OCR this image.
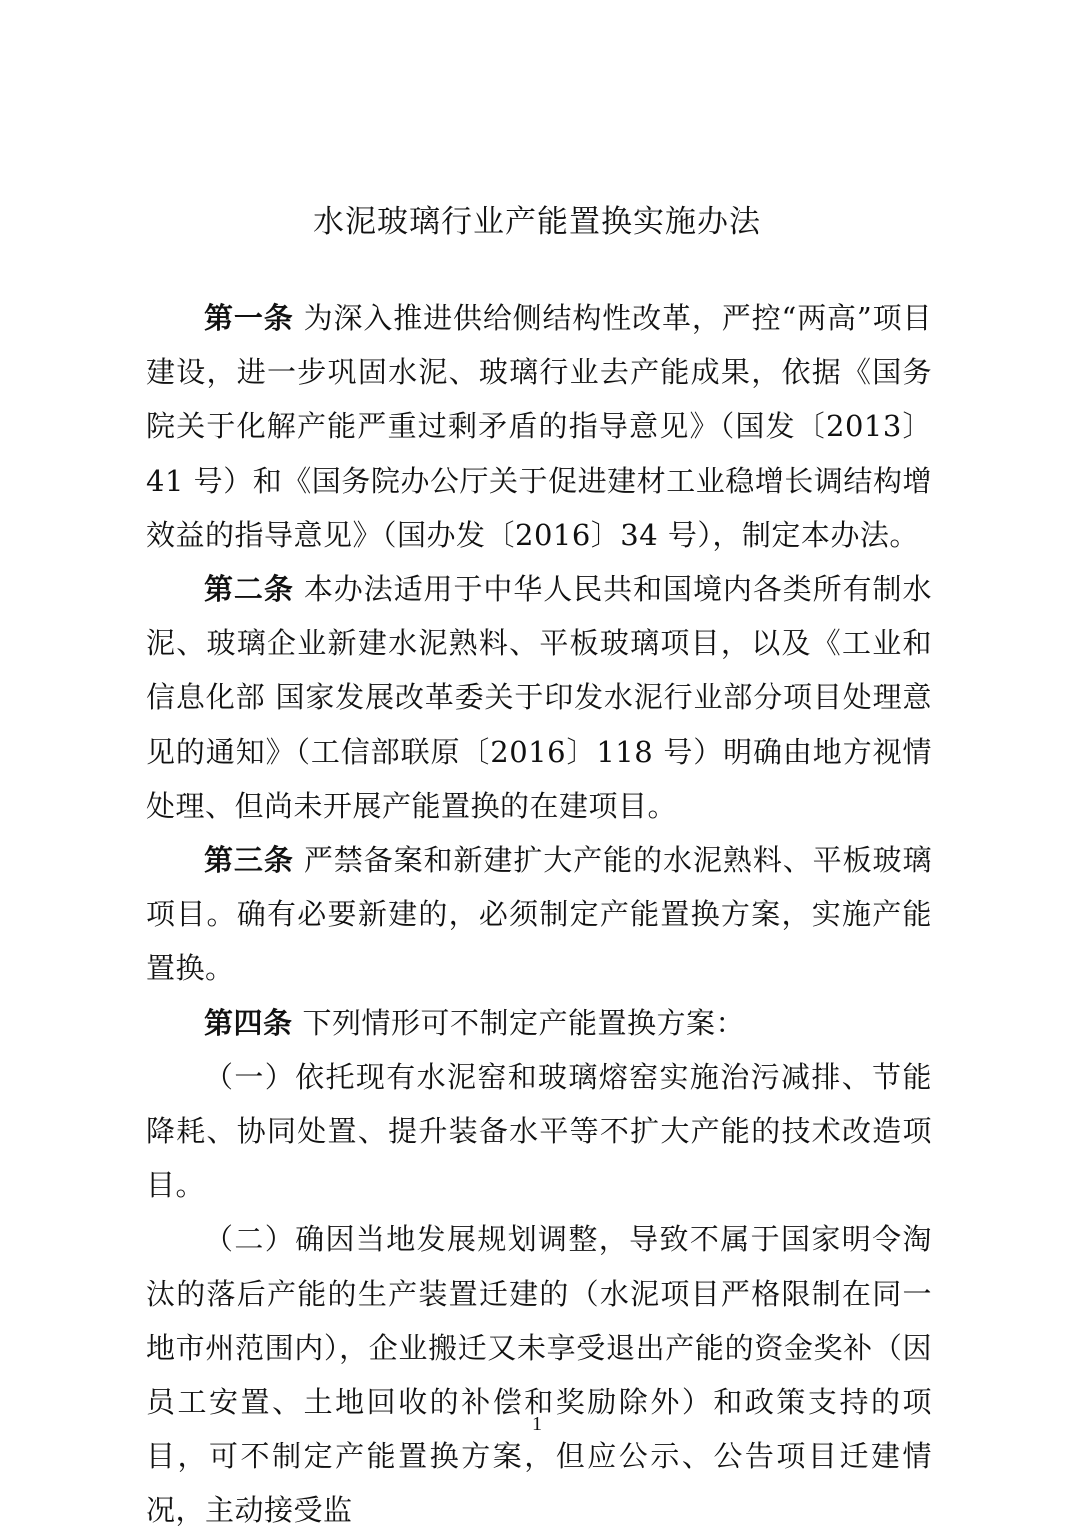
水泥玻璃行业产能置换实施办法

第一条 为深入推进供给侧结构性改革，严控“两高”项目建设，进一步巩固水泥、玻璃行业去产能成果，依据《国务院关于化解产能严重过剩矛盾的指导意见》（国发〔2013〕41 号）和《国务院办公厅关于促进建材工业稳增长调结构增效益的指导意见》（国办发〔2016〕34 号），制定本办法。

第二条 本办法适用于中华人民共和国境内各类所有制水泥、玻璃企业新建水泥熟料、平板玻璃项目，以及《工业和信息化部 国家发展改革委关于印发水泥行业部分项目处理意见的通知》（工信部联原〔2016〕118 号）明确由地方视情处理、但尚未开展产能置换的在建项目。

第三条 严禁备案和新建扩大产能的水泥熟料、平板玻璃项目。确有必要新建的，必须制定产能置换方案，实施产能置换。

第四条 下列情形可不制定产能置换方案：

（一）依托现有水泥窑和玻璃熔窑实施治污减排、节能降耗、协同处置、提升装备水平等不扩大产能的技术改造项目。

（二）确因当地发展规划调整，导致不属于国家明令淘汰的落后产能的生产装置迁建的（水泥项目严格限制在同一地市州范围内），企业搬迁又未享受退出产能的资金奖补（因员工安置、土地回收的补偿和奖励除外）和政策支持的项目，可不制定产能置换方案，但应公示、公告项目迁建情况，主动接受监

1
